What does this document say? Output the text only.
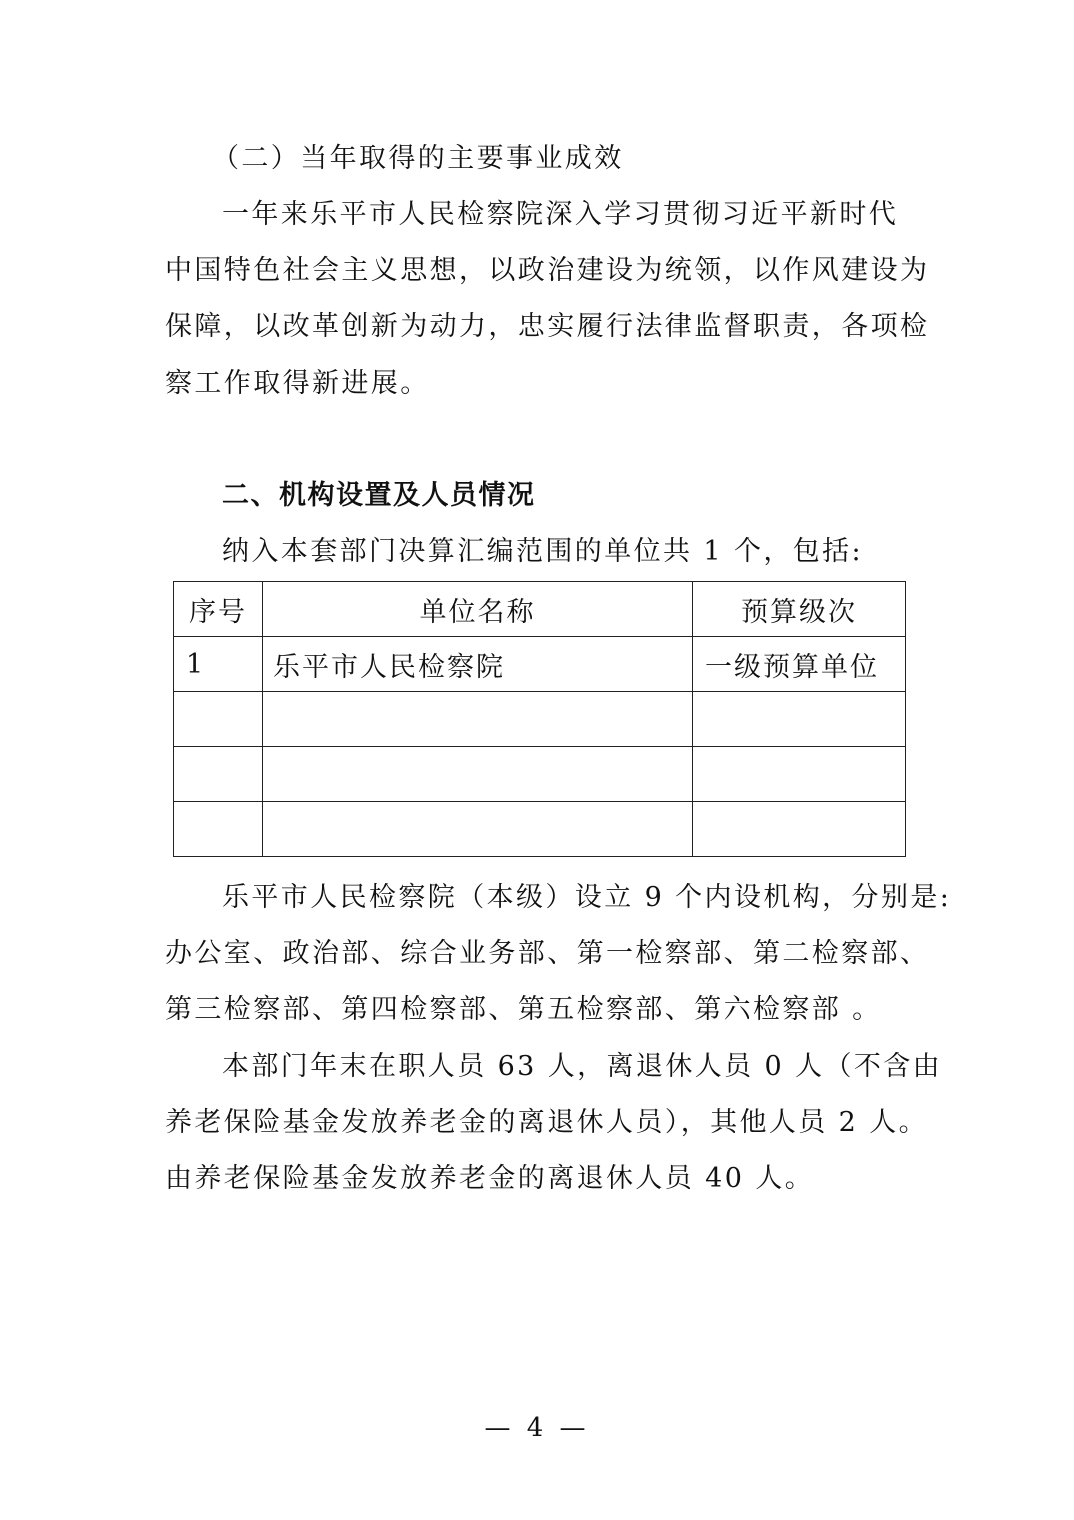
（二）当年取得的主要事业成效
一年来乐平市人民检察院深入学习贯彻习近平新时代
中国特色社会主义思想，以政治建设为统领，以作风建设为
保障，以改革创新为动力，忠实履行法律监督职责，各项检
察工作取得新进展。
二、机构设置及人员情况
纳入本套部门决算汇编范围的单位共 1 个，包括:
序号	单位名称	预算级次
1	乐平市人民检察院	一级预算单位

乐平市人民检察院（本级）设立 9 个内设机构，分别是:
办公室、政治部、综合业务部、第一检察部、第二检察部、
第三检察部、第四检察部、第五检察部、第六检察部 。
本部门年末在职人员 63 人，离退休人员 0 人（不含由
养老保险基金发放养老金的离退休人员），其他人员 2 人。
由养老保险基金发放养老金的离退休人员 40 人。
— 4 —
